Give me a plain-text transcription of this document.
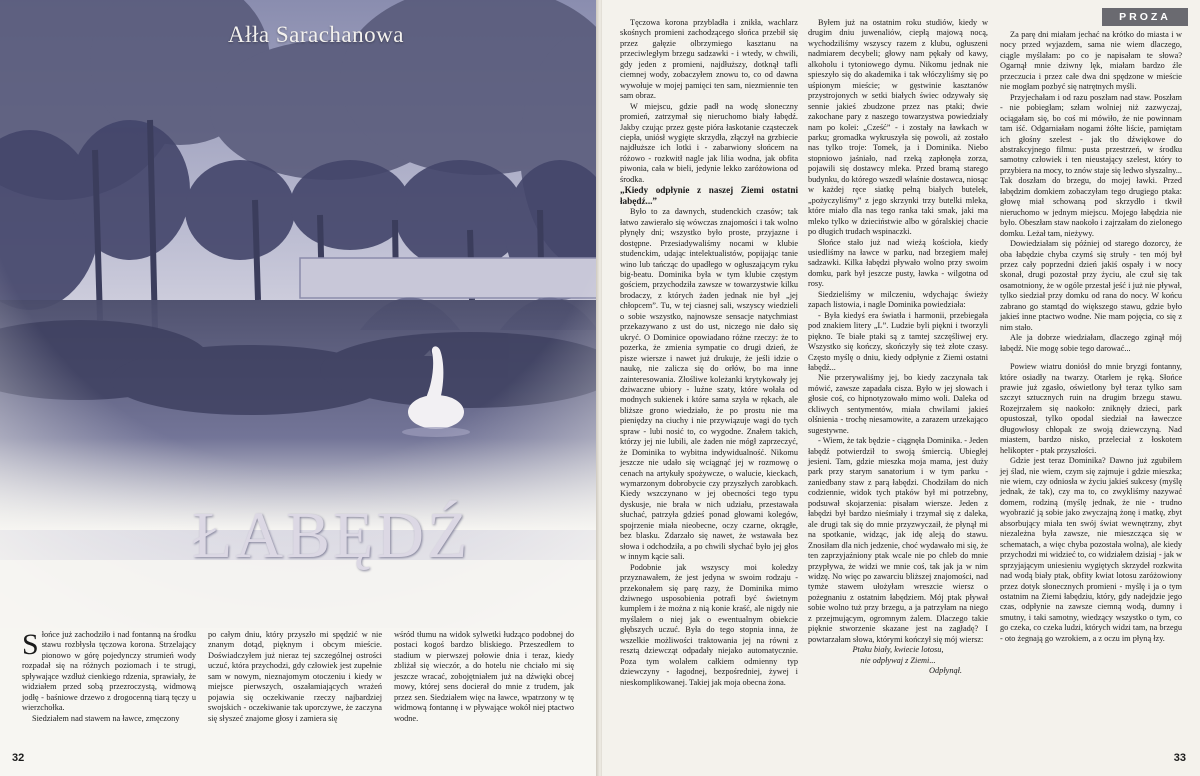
Ałła Sarachanowa
ŁABĘDŹ

Słońce już zachodziło i nad fontanną na środku stawu rozbłysła tęczowa korona. Strzelający pionowo w górę pojedynczy strumień wody rozpadał się na różnych poziomach i te strugi, spływające wzdłuż cienkiego rdzenia, sprawiały, że widziałem przed sobą przezroczystą, widmową jodłę - baśniowe drzewo z drogocenną tiarą tęczy u wierzchołka.

Siedziałem nad stawem na ławce, zmęczony

po całym dniu, który przyszło mi spędzić w nie znanym dotąd, pięknym i obcym mieście. Doświadczyłem już nieraz tej szczególnej ostrości uczuć, która przychodzi, gdy człowiek jest zupełnie sam w nowym, nieznajomym otoczeniu i kiedy w miejsce pierwszych, oszałamiających wrażeń pojawia się oczekiwanie rzeczy najbardziej swojskich - oczekiwanie tak uporczywe, że zaczyna się słyszeć znajome głosy i zamiera się

wśród tłumu na widok sylwetki łudząco podobnej do postaci kogoś bardzo bliskiego. Przeszedłem to stadium w pierwszej połowie dnia i teraz, kiedy zbliżał się wieczór, a do hotelu nie chciało mi się jeszcze wracać, zobojętniałem już na dźwięki obcej mowy, której sens docierał do mnie z trudem, jak przez sen. Siedziałem więc na ławce, wpatrzony w tę widmową fontannę i w pływające wokół niej ptactwo wodne.

32
PROZA

Tęczowa korona przybladła i znikła, wachlarz skośnych promieni zachodzącego słońca przebił się przez gałęzie olbrzymiego kasztanu na przeciwległym brzegu sadzawki - i wtedy, w chwili, gdy jeden z promieni, najdłuższy, dotknął tafli ciemnej wody, zobaczyłem znowu to, co od dawna wywołuje w mojej pamięci ten sam, niezmiennie ten sam obraz.

W miejscu, gdzie padł na wodę słoneczny promień, zatrzymał się nieruchomo biały łabędź. Jakby czując przez gęste pióra łaskotanie cząsteczek ciepła, uniósł wygięte skrzydła, złączył na grzbiecie najdłuższe ich lotki i - zabarwiony słońcem na różowo - rozkwitł nagle jak lilia wodna, jak obfita piwonia, cała w bieli, jedynie lekko zaróżowiona od środka.

„Kiedy odpłynie z naszej Ziemi ostatni łabędź...”

Było to za dawnych, studenckich czasów; tak łatwo zawierało się wówczas znajomości i tak wolno płynęły dni; wszystko było proste, przyjazne i dostępne. Przesiadywaliśmy nocami w klubie studenckim, udając intelektualistów, popijając tanie wino lub tańcząc do upadłego w ogłuszającym ryku big-beatu. Dominika była w tym klubie częstym gościem, przychodziła zawsze w towarzystwie kilku brodaczy, z których żaden jednak nie był „jej chłopcem”. Tu, w tej ciasnej sali, wszyscy wiedzieli o sobie wszystko, najnowsze sensacje natychmiast przekazywano z ust do ust, niczego nie dało się ukryć. O Dominice opowiadano różne rzeczy: że to pozerka, że zmienia sympatie co drugi dzień, że pisze wiersze i nawet już drukuje, że jeśli idzie o naukę, nie zalicza się do orłów, bo ma inne zainteresowania. Złośliwe koleżanki krytykowały jej dziwaczne ubiory - luźne szaty, które wołała od modnych sukienek i które sama szyła w rękach, ale bliższe grono wiedziało, że po prostu nie ma pieniędzy na ciuchy i nie przywiązuje wagi do tych spraw - lubi nosić to, co wygodne. Znałem takich, którzy jej nie lubili, ale żaden nie mógł zaprzeczyć, że Dominika to wybitna indywidualność. Nikomu jeszcze nie udało się wciągnąć jej w rozmowę o cenach na artykuły spożywcze, o walucie, kieckach, wymarzonym dobrobycie czy przyszłych zarobkach. Kiedy wszczynano w jej obecności tego typu dyskusje, nie brała w nich udziału, przestawała słuchać, patrzyła gdzieś ponad głowami kolegów, spojrzenie miała nieobecne, oczy czarne, okrągłe, bez blasku. Zdarzało się nawet, że wstawała bez słowa i odchodziła, a po chwili słychać było jej głos w innym kącie sali.

Podobnie jak wszyscy moi koledzy przyznawałem, że jest jedyna w swoim rodzaju - przekonałem się parę razy, że Dominika mimo dziwnego usposobienia potrafi być świetnym kumplem i że można z nią konie kraść, ale nigdy nie myślałem o niej jak o ewentualnym obiekcie głębszych uczuć. Była do tego stopnia inna, że wszelkie możliwości traktowania jej na równi z resztą dziewcząt odpadały niejako automatycznie. Poza tym wolałem całkiem odmienny typ dziewczyny - łagodnej, bezpośredniej, żywej i nieskomplikowanej. Takiej jak moja obecna żona.

Byłem już na ostatnim roku studiów, kiedy w drugim dniu juwenaliów, ciepłą majową nocą, wychodziliśmy wszyscy razem z klubu, ogłuszeni nadmiarem decybeli; głowy nam pękały od kawy, alkoholu i tytoniowego dymu. Nikomu jednak nie spieszyło się do akademika i tak włóczyliśmy się po uśpionym mieście; w gęstwinie kasztanów przystrojonych w setki białych świec odzywały się sennie jakieś zbudzone przez nas ptaki; dwie zakochane pary z naszego towarzystwa powiedziały nam po kolei: „Cześć” - i zostały na ławkach w parku; gromadka wykruszyła się powoli, aż zostało nas tylko troje: Tomek, ja i Dominika. Niebo stopniowo jaśniało, nad rzeką zapłonęła zorza, pojawili się dostawcy mleka. Przed bramą starego budynku, do którego wszedł właśnie dostawca, niosąc w każdej ręce siatkę pełną białych butelek, „pożyczyliśmy” z jego skrzynki trzy butelki mleka, które miało dla nas tego ranka taki smak, jaki ma mleko tylko w dzieciństwie albo w góralskiej chacie po długich trudach wspinaczki.

Słońce stało już nad wieżą kościoła, kiedy usiedliśmy na ławce w parku, nad brzegiem małej sadzawki. Kilka łabędzi pływało wolno przy swoim domku, park był jeszcze pusty, ławka - wilgotna od rosy.

Siedzieliśmy w milczeniu, wdychając świeży zapach listowia, i nagle Dominika powiedziała:

- Była kiedyś era światła i harmonii, przebiegała pod znakiem litery „L”. Ludzie byli piękni i tworzyli piękno. Te białe ptaki są z tamtej szczęśliwej ery. Wszystko się kończy, skończyły się też złote czasy. Często myślę o dniu, kiedy odpłynie z Ziemi ostatni łabędź...

Nie przerywaliśmy jej, bo kiedy zaczynała tak mówić, zawsze zapadała cisza. Było w jej słowach i głosie coś, co hipnotyzowało mimo woli. Daleka od ckliwych sentymentów, miała chwilami jakieś olśnienia - trochę niesamowite, a zarazem urzekająco sugestywne.

- Wiem, że tak będzie - ciągnęła Dominika. - Jeden łabędź potwierdził to swoją śmiercią. Ubiegłej jesieni. Tam, gdzie mieszka moja mama, jest duży park przy starym sanatorium i w tym parku - zaniedbany staw z parą łabędzi. Chodziłam do nich codziennie, widok tych ptaków był mi potrzebny, podsuwał skojarzenia: pisałam wiersze. Jeden z łabędzi był bardzo nieśmiały i trzymał się z daleka, ale drugi tak się do mnie przyzwyczaił, że płynął mi na spotkanie, widząc, jak idę aleją do stawu. Znosiłam dla nich jedzenie, choć wydawało mi się, że ten zaprzyjaźniony ptak wcale nie po chleb do mnie przypływa, że widzi we mnie coś, tak jak ja w nim widzę. No więc po zawarciu bliższej znajomości, nad tymże stawem ułożyłam wreszcie wiersz o pożegnaniu z ostatnim łabędziem. Mój ptak pływał sobie wolno tuż przy brzegu, a ja patrzyłam na niego z przejmującym, ogromnym żalem. Dlaczego takie pięknie stworzenie skazane jest na zagładę? I powtarzałam słowa, którymi kończył się mój wiersz:

Ptaku biały, kwiecie lotosu,

nie odpływaj z Ziemi...

Odpłynął.

Za parę dni miałam jechać na krótko do miasta i w nocy przed wyjazdem, sama nie wiem dlaczego, ciągle myślałam: po co je napisałam te słowa? Ogarnął mnie dziwny lęk, miałam bardzo źle przeczucia i przez całe dwa dni spędzone w mieście nie mogłam pozbyć się natrętnych myśli.

Przyjechałam i od razu poszłam nad staw. Poszłam - nie pobiegłam; szłam wolniej niż zazwyczaj, ociągałam się, bo coś mi mówiło, że nie powinnam tam iść. Odgarniałam nogami żółte liście, pamiętam ich głośny szelest - jak tło dźwiękowe do abstrakcyjnego filmu: pusta przestrzeń, w środku samotny człowiek i ten nieustający szelest, który to przybiera na mocy, to znów staje się ledwo słyszalny... Tak doszłam do brzegu, do mojej ławki. Przed łabędzim domkiem zobaczyłam tego drugiego ptaka: głowę miał schowaną pod skrzydło i tkwił nieruchomo w jednym miejscu. Mojego łabędzia nie było. Obeszłam staw naokoło i zajrzałam do zielonego domku. Leżał tam, nieżywy.

Dowiedziałam się później od starego dozorcy, że oba łabędzie chyba czymś się struły - ten mój był przez cały poprzedni dzień jakiś ospały i w nocy skonał, drugi pozostał przy życiu, ale czuł się tak osamotniony, że w ogóle przestał jeść i już nie pływał, tylko siedział przy domku od rana do nocy. W końcu zabrano go stamtąd do większego stawu, gdzie było jakieś inne ptactwo wodne. Nie mam pojęcia, co się z nim stało.

Ale ja dobrze wiedziałam, dlaczego zginął mój łabędź. Nie mogę sobie tego darować...

Powiew wiatru doniósł do mnie bryzgi fontanny, które osiadły na twarzy. Otarłem je ręką. Słońce prawie już zgasło, oświetlony był teraz tylko sam szczyt sztucznych ruin na drugim brzegu stawu. Rozejrzałem się naokoło: zniknęły dzieci, park opustoszał, tylko opodal siedział na ławeczce długowłosy chłopak ze swoją dziewczyną. Nad miastem, bardzo nisko, przeleciał z łoskotem helikopter - ptak przyszłości.

Gdzie jest teraz Dominika? Dawno już zgubiłem jej ślad, nie wiem, czym się zajmuje i gdzie mieszka; nie wiem, czy odniosła w życiu jakieś sukcesy (myślę jednak, że tak), czy ma to, co zwykliśmy nazywać domem, rodziną (myślę jednak, że nie - trudno wyobrazić ją sobie jako zwyczajną żonę i matkę, zbyt absorbujący miała ten swój świat wewnętrzny, zbyt niezależna była zawsze, nie mieszcząca się w schematach, a więc chyba pozostała wolna), ale kiedy przychodzi mi widzieć to, co widziałem dzisiaj - jak w sprzyjającym uniesieniu wygiętych skrzydeł rozkwita nad wodą biały ptak, obfity kwiat lotosu zaróżowiony przez dotyk słonecznych promieni - myślę i ja o tym ostatnim na Ziemi łabędziu, który, gdy nadejdzie jego czas, odpłynie na zawsze ciemną wodą, dumny i smutny, i taki samotny, wiedzący wszystko o tym, co go czeka, co czeka ludzi, których widzi tam, na brzegu - oto żegnają go wzrokiem, a z oczu im płyną łzy.

33
